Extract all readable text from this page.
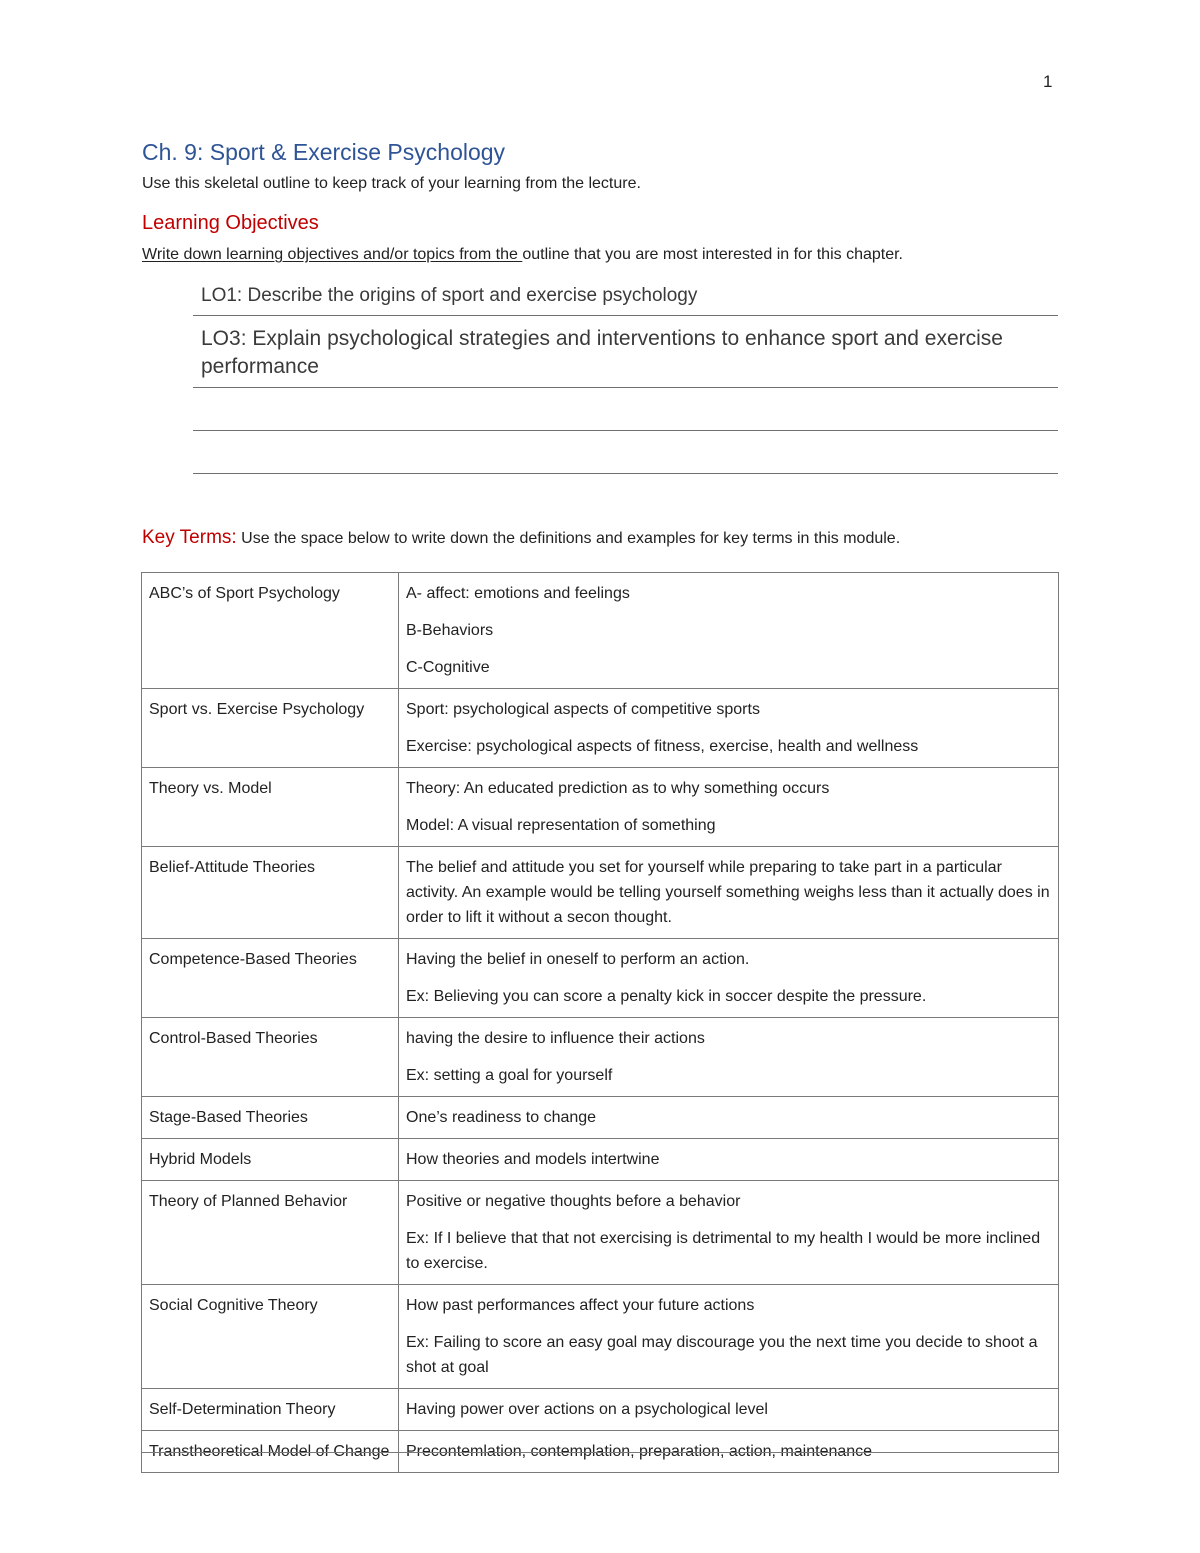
1
Ch. 9: Sport & Exercise Psychology
Use this skeletal outline to keep track of your learning from the lecture.
Learning Objectives
Write down learning objectives and/or topics from the outline that you are most interested in for this chapter.
LO1: Describe the origins of sport and exercise psychology
LO3: Explain psychological strategies and interventions to enhance sport and exercise performance
Key Terms: Use the space below to write down the definitions and examples for key terms in this module.
ABC’s of Sport Psychology	A- affect: emotions and feelings

B-Behaviors

C-Cognitive

Sport vs. Exercise Psychology	Sport: psychological aspects of competitive sports

Exercise: psychological aspects of fitness, exercise, health and wellness

Theory vs. Model	Theory: An educated prediction as to why something occurs

Model: A visual representation of something

Belief-Attitude Theories	The belief and attitude you set for yourself while preparing to take part in a particular activity. An example would be telling yourself something weighs less than it actually does in order to lift it without a secon thought.

Competence-Based Theories	Having the belief in oneself to perform an action.

Ex: Believing you can score a penalty kick in soccer despite the pressure.

Control-Based Theories	having the desire to influence their actions

Ex: setting a goal for yourself

Stage-Based Theories	One’s readiness to change

Hybrid Models	How theories and models intertwine

Theory of Planned Behavior	Positive or negative thoughts before a behavior

Ex: If I believe that that not exercising is detrimental to my health I would be more inclined to exercise.

Social Cognitive Theory	How past performances affect your future actions

Ex: Failing to score an easy goal may discourage you the next time you decide to shoot a shot at goal

Self-Determination Theory	Having power over actions on a psychological level

Transtheoretical Model of Change	Precontemlation, contemplation, preparation, action, maintenance
